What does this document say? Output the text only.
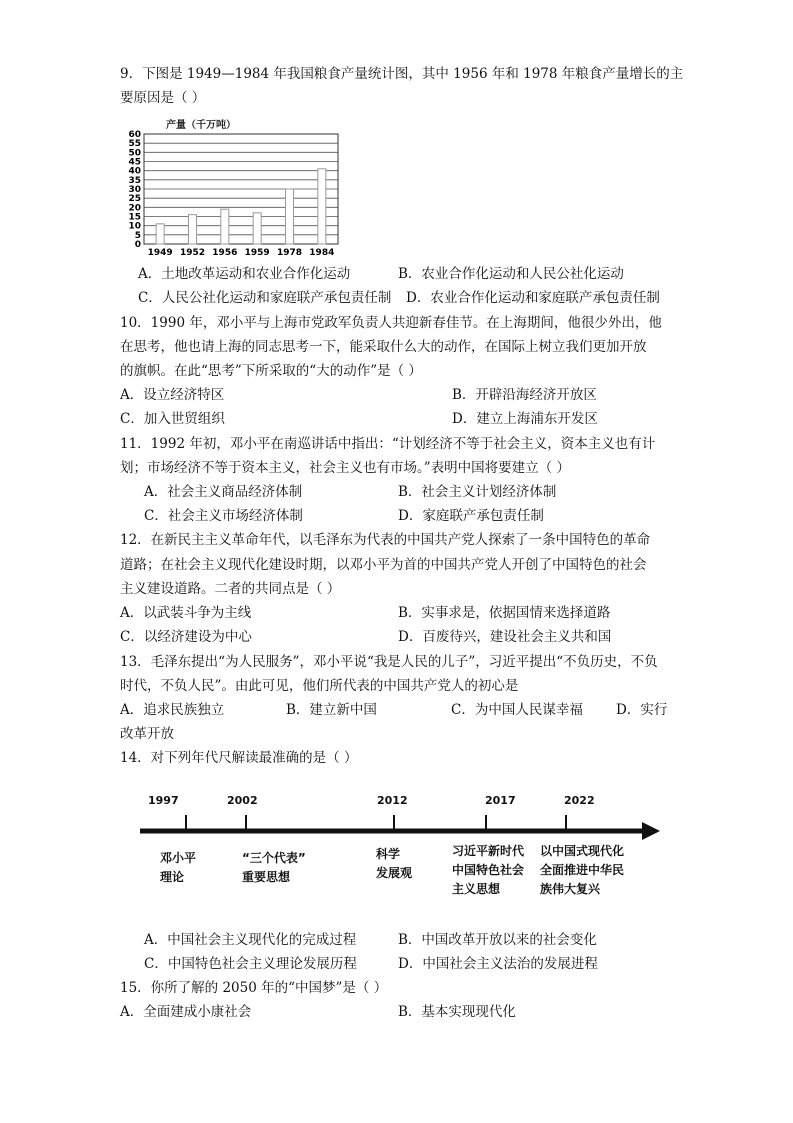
9．下图是 1949—1984 年我国粮食产量统计图，其中 1956 年和 1978 年粮食产量增长的主
要原因是（ ）
0
5
10
15
20
25
30
35
40
45
50
55
60
1949 1952 1956 1959 1978 1984
产量（千万吨）
A．土地改革运动和农业合作化运动	B．农业合作化运动和人民公社化运动
C．人民公社化运动和家庭联产承包责任制 D．农业合作化运动和家庭联产承包责任制
10．1990 年，邓小平与上海市党政军负责人共迎新春佳节。在上海期间，他很少外出，他
在思考，他也请上海的同志思考一下，能采取什么大的动作，在国际上树立我们更加开放
的旗帜。在此“思考”下所采取的“大的动作”是（ ）
A．设立经济特区	B．开辟沿海经济开放区
C．加入世贸组织	D．建立上海浦东开发区
11．1992 年初，邓小平在南巡讲话中指出：“计划经济不等于社会主义，资本主义也有计
划；市场经济不等于资本主义，社会主义也有市场。”表明中国将要建立（ ）
A．社会主义商品经济体制	B．社会主义计划经济体制
C．社会主义市场经济体制	D．家庭联产承包责任制
12．在新民主主义革命年代，以毛泽东为代表的中国共产党人探索了一条中国特色的革命
道路；在社会主义现代化建设时期，以邓小平为首的中国共产党人开创了中国特色的社会
主义建设道路。二者的共同点是（ ）
A．以武装斗争为主线	B．实事求是，依据国情来选择道路
C．以经济建设为中心	D．百废待兴，建设社会主义共和国
13．毛泽东提出“为人民服务”，邓小平说“我是人民的儿子”，习近平提出“不负历史，不负
时代，不负人民”。由此可见，他们所代表的中国共产党人的初心是
A．追求民族独立	B．建立新中国	C．为中国人民谋幸福 D．实行
改革开放
14．对下列年代尺解读最准确的是（ ）
1997	2002	2012	2017	2022
邓小平
理论
“三个代表”
重要思想
科学
发展观
习近平新时代
中国特色社会
主义思想
以中国式现代化
全面推进中华民
族伟大复兴
A．中国社会主义现代化的完成过程	B．中国改革开放以来的社会变化
C．中国特色社会主义理论发展历程	D．中国社会主义法治的发展进程
15．你所了解的 2050 年的“中国梦”是（ ）
A．全面建成小康社会	B．基本实现现代化
